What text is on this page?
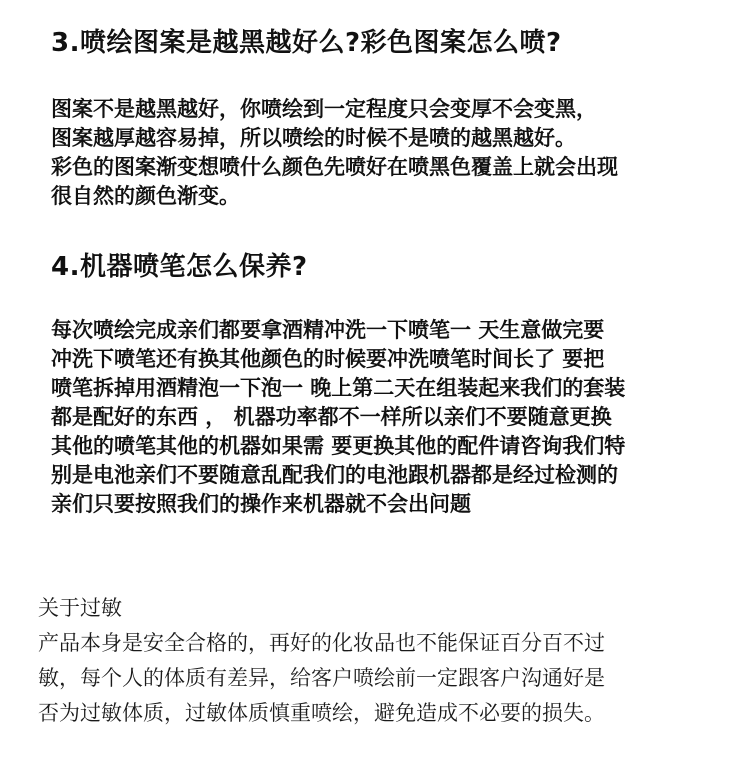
3.喷绘图案是越黑越好么?彩色图案怎么喷?
图案不是越黑越好，你喷绘到一定程度只会变厚不会变黑，
图案越厚越容易掉，所以喷绘的时候不是喷的越黑越好。
彩色的图案渐变想喷什么颜色先喷好在喷黑色覆盖上就会出现
很自然的颜色渐变。
4.机器喷笔怎么保养?
每次喷绘完成亲们都要拿酒精冲洗一下喷笔一 天生意做完要
冲洗下喷笔还有换其他颜色的时候要冲洗喷笔时间长了 要把
喷笔拆掉用酒精泡一下泡一 晚上第二天在组装起来我们的套装
都是配好的东西 ， 机器功率都不一样所以亲们不要随意更换
其他的喷笔其他的机器如果需 要更换其他的配件请咨询我们特
别是电池亲们不要随意乱配我们的电池跟机器都是经过检测的
亲们只要按照我们的操作来机器就不会出问题
关于过敏
产品本身是安全合格的，再好的化妆品也不能保证百分百不过
敏，每个人的体质有差异，给客户喷绘前一定跟客户沟通好是
否为过敏体质，过敏体质慎重喷绘，避免造成不必要的损失。
